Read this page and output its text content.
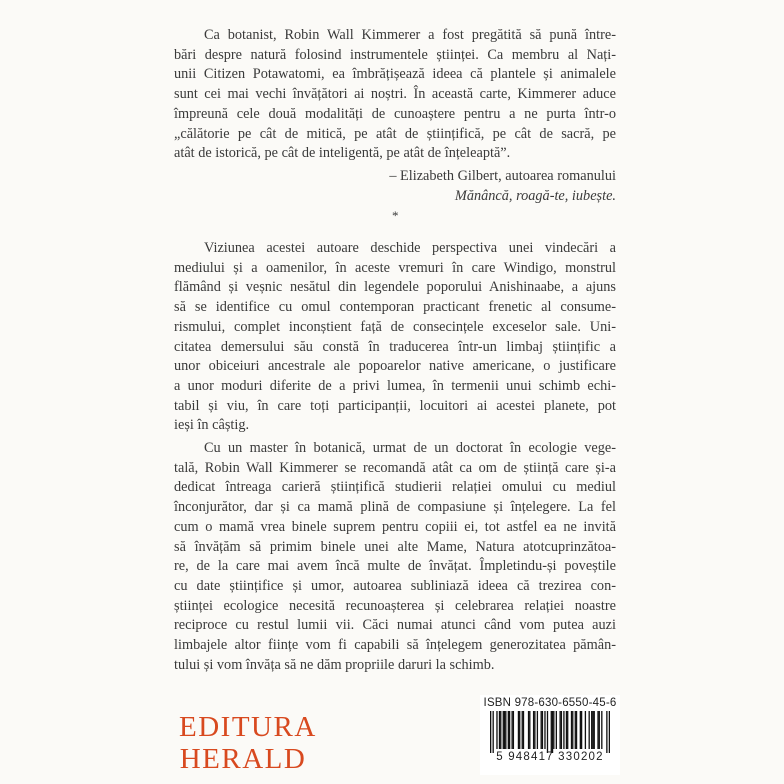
Ca botanist, Robin Wall Kimmerer a fost pregătită să pună între-
bări despre natură folosind instrumentele științei. Ca membru al Nați-
unii Citizen Potawatomi, ea îmbrățișează ideea că plantele și animalele
sunt cei mai vechi învățători ai noștri. În această carte, Kimmerer aduce
împreună cele două modalități de cunoaștere pentru a ne purta într-o
„călătorie pe cât de mitică, pe atât de științifică, pe cât de sacră, pe
atât de istorică, pe cât de inteligentă, pe atât de înțeleaptă”.

– Elizabeth Gilbert, autoarea romanului
Mănâncă, roagă-te, iubește.
*

Viziunea acestei autoare deschide perspectiva unei vindecări a
mediului și a oamenilor, în aceste vremuri în care Windigo, monstrul
flămând și veșnic nesătul din legendele poporului Anishinaabe, a ajuns
să se identifice cu omul contemporan practicant frenetic al consume-
rismului, complet inconștient față de consecințele exceselor sale. Uni-
citatea demersului său constă în traducerea într-un limbaj științific a
unor obiceiuri ancestrale ale popoarelor native americane, o justificare
a unor moduri diferite de a privi lumea, în termenii unui schimb echi-
tabil și viu, în care toți participanții, locuitori ai acestei planete, pot
ieși în câștig.

Cu un master în botanică, urmat de un doctorat în ecologie vege-
tală, Robin Wall Kimmerer se recomandă atât ca om de știință care și-a
dedicat întreaga carieră științifică studierii relației omului cu mediul
înconjurător, dar și ca mamă plină de compasiune și înțelegere. La fel
cum o mamă vrea binele suprem pentru copiii ei, tot astfel ea ne invită
să învățăm să primim binele unei alte Mame, Natura atotcuprinzătoa-
re, de la care mai avem încă multe de învățat. Împletindu-și poveștile
cu date științifice și umor, autoarea subliniază ideea că trezirea con-
științei ecologice necesită recunoașterea și celebrarea relației noastre
reciproce cu restul lumii vii. Căci numai atunci când vom putea auzi
limbajele altor ființe vom fi capabili să înțelegem generozitatea pămân-
tului și vom învăța să ne dăm propriile daruri la schimb.

EDITURA
HERALD
ISBN 978-630-6550-45-6
5 948417 330202
